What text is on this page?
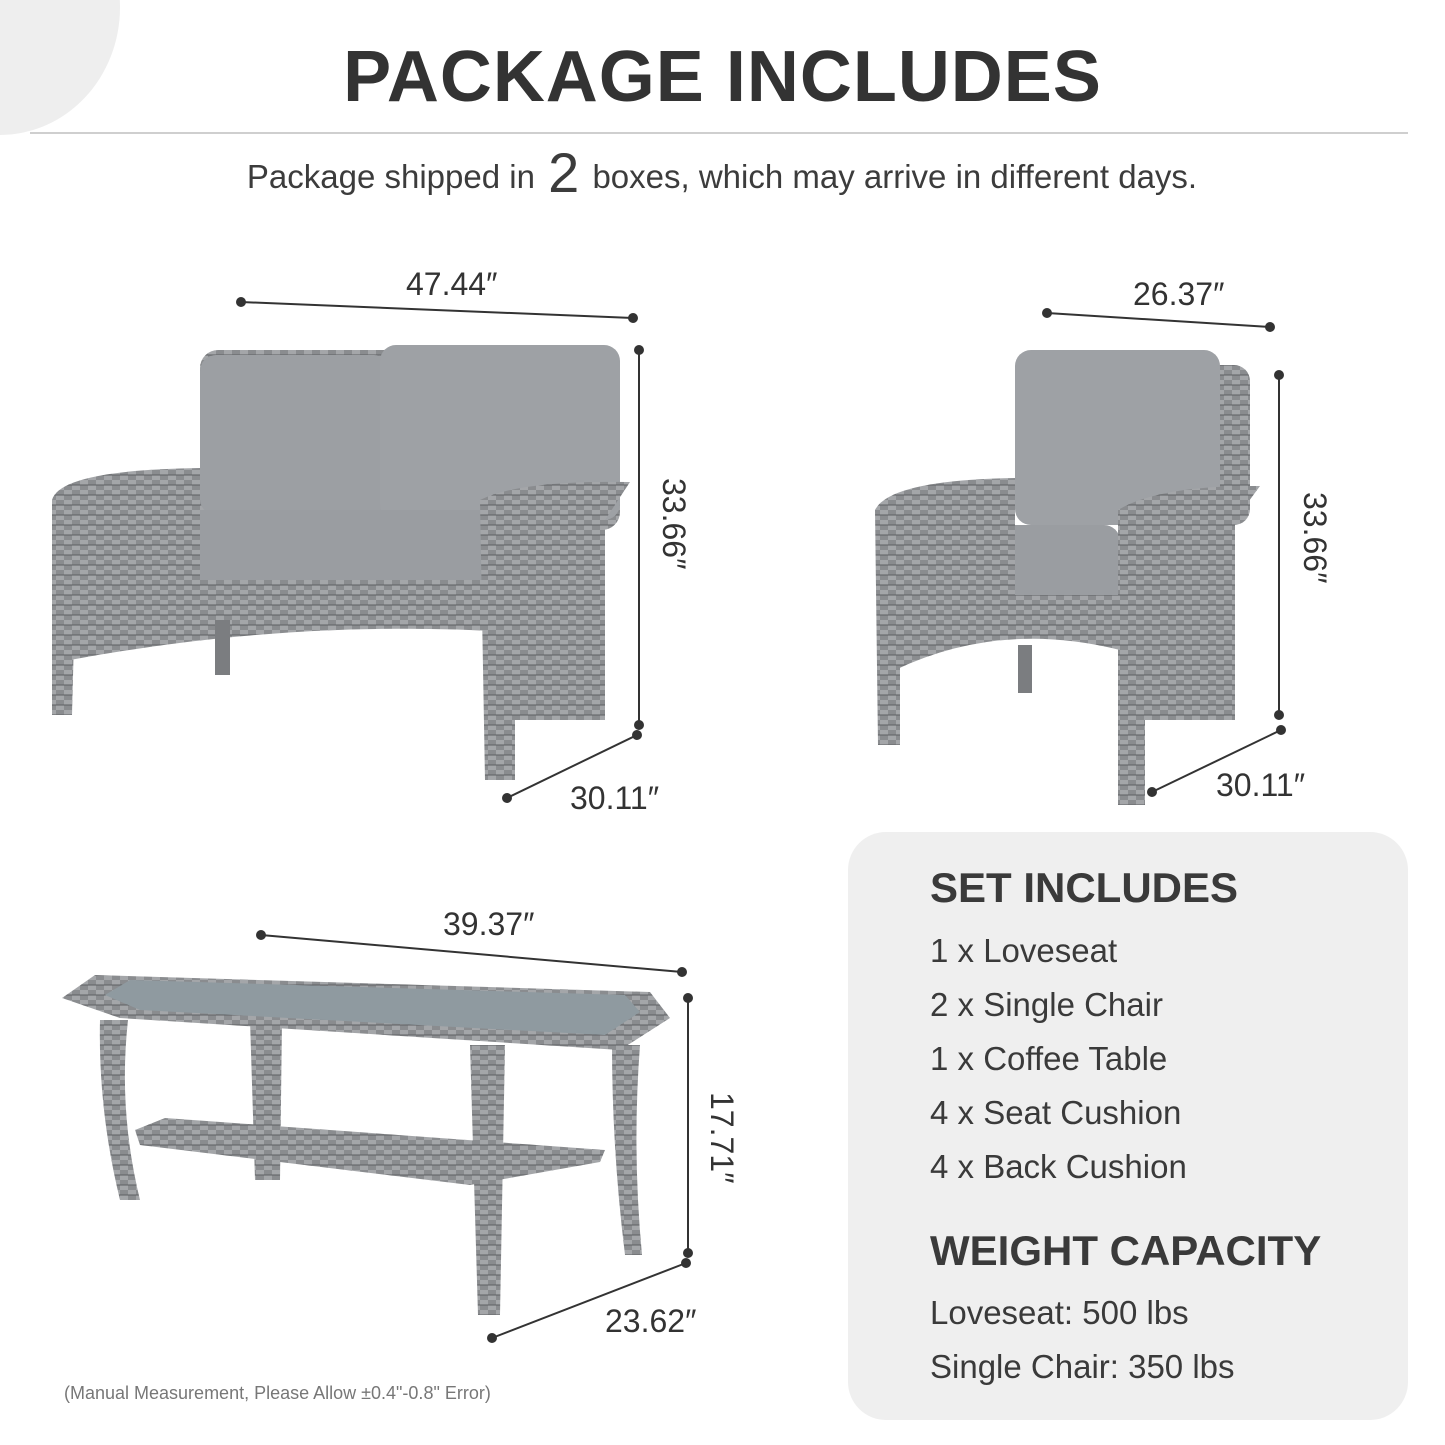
PACKAGE INCLUDES
Package shipped in 2 boxes, which may arrive in different days.
47.44″
33.66″
30.11″
26.37″
33.66″
30.11″
39.37″
17.71″
23.62″
SET INCLUDES
1 x Loveseat
2 x Single Chair
1 x Coffee Table
4 x Seat Cushion
4 x Back Cushion
WEIGHT CAPACITY
Loveseat: 500 lbs
Single Chair: 350 lbs
(Manual Measurement, Please Allow ±0.4"-0.8" Error)
